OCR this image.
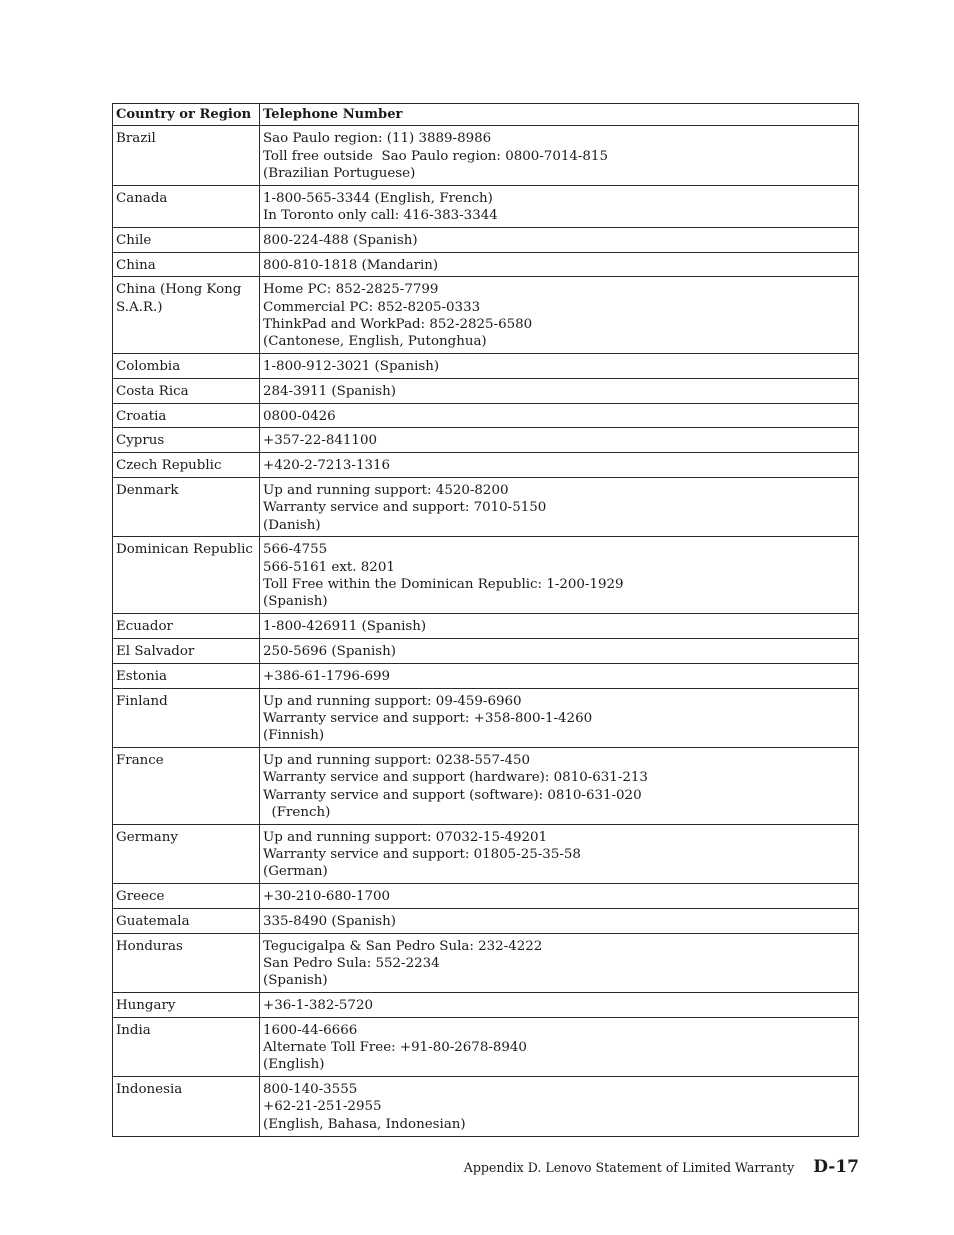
Country or Region	Telephone Number
Brazil	Sao Paulo region: (11) 3889-8986
Toll free outside  Sao Paulo region: 0800-7014-815
(Brazilian Portuguese)

Canada	1-800-565-3344 (English, French)
In Toronto only call: 416-383-3344

Chile	800-224-488 (Spanish)

China	800-810-1818 (Mandarin)

China (Hong Kong S.A.R.)	Home PC: 852-2825-7799
Commercial PC: 852-8205-0333
ThinkPad and WorkPad: 852-2825-6580
(Cantonese, English, Putonghua)

Colombia	1-800-912-3021 (Spanish)

Costa Rica	284-3911 (Spanish)

Croatia	0800-0426

Cyprus	+357-22-841100

Czech Republic	+420-2-7213-1316

Denmark	Up and running support: 4520-8200
Warranty service and support: 7010-5150
(Danish)

Dominican Republic	566-4755
566-5161 ext. 8201
Toll Free within the Dominican Republic: 1-200-1929
(Spanish)

Ecuador	1-800-426911 (Spanish)

El Salvador	250-5696 (Spanish)

Estonia	+386-61-1796-699

Finland	Up and running support: 09-459-6960
Warranty service and support: +358-800-1-4260
(Finnish)

France	Up and running support: 0238-557-450
Warranty service and support (hardware): 0810-631-213
Warranty service and support (software): 0810-631-020
(French)

Germany	Up and running support: 07032-15-49201
Warranty service and support: 01805-25-35-58
(German)

Greece	+30-210-680-1700

Guatemala	335-8490 (Spanish)

Honduras	Tegucigalpa & San Pedro Sula: 232-4222
San Pedro Sula: 552-2234
(Spanish)

Hungary	+36-1-382-5720

India	1600-44-6666
Alternate Toll Free: +91-80-2678-8940
(English)

Indonesia	800-140-3555
+62-21-251-2955
(English, Bahasa, Indonesian)
Appendix D. Lenovo Statement of Limited Warranty D-17
